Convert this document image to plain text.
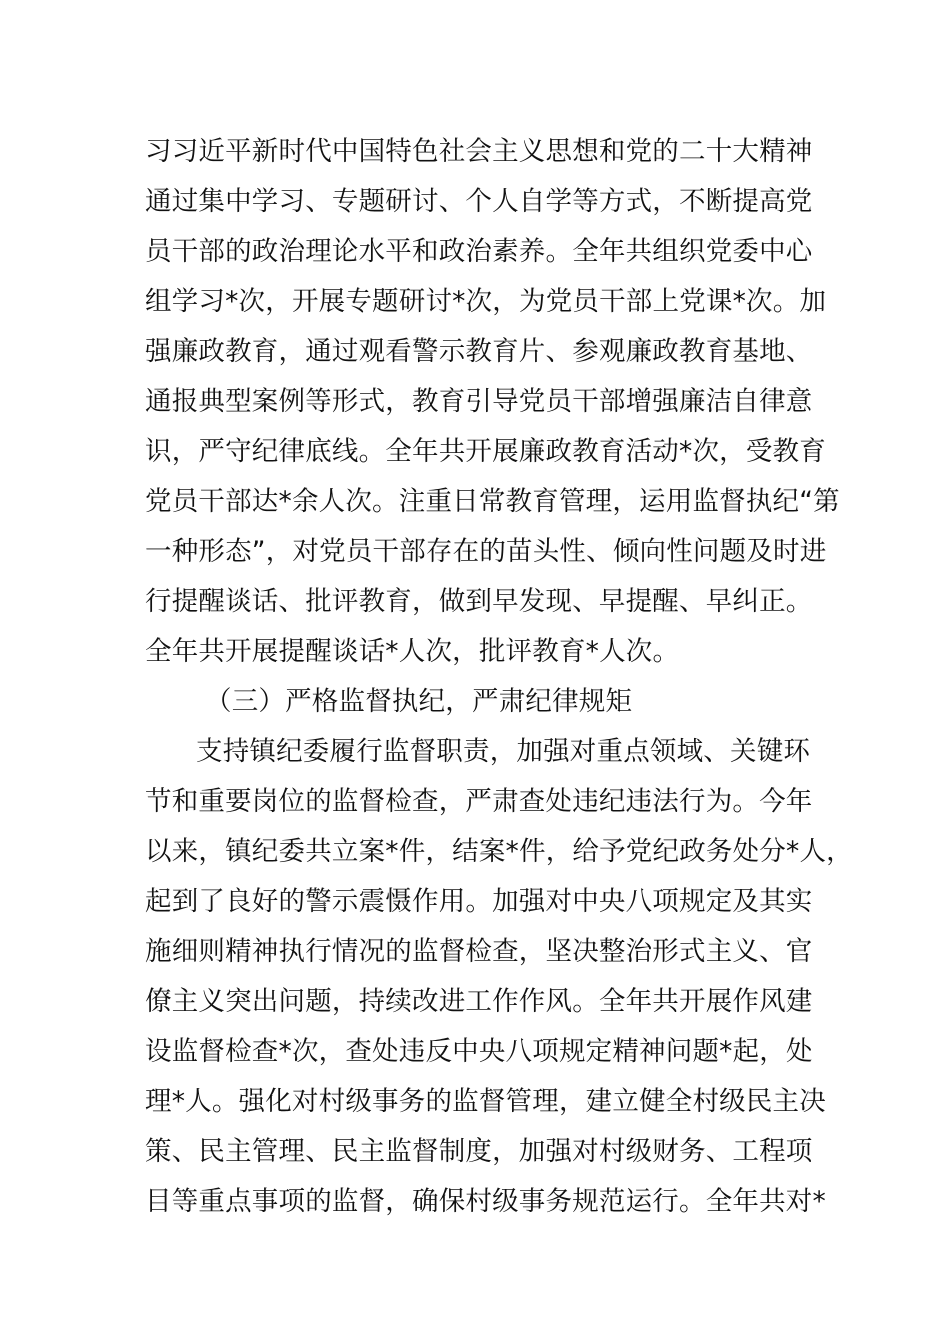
习习近平新时代中国特色社会主义思想和党的二十大精神
通过集中学习、专题研讨、个人自学等方式，不断提高党
员干部的政治理论水平和政治素养。全年共组织党委中心
组学习*次，开展专题研讨*次，为党员干部上党课*次。加
强廉政教育，通过观看警示教育片、参观廉政教育基地、
通报典型案例等形式，教育引导党员干部增强廉洁自律意
识，严守纪律底线。全年共开展廉政教育活动*次，受教育
党员干部达*余人次。注重日常教育管理，运用监督执纪“第
一种形态”，对党员干部存在的苗头性、倾向性问题及时进
行提醒谈话、批评教育，做到早发现、早提醒、早纠正。
全年共开展提醒谈话*人次，批评教育*人次。
（三）严格监督执纪，严肃纪律规矩
支持镇纪委履行监督职责，加强对重点领域、关键环
节和重要岗位的监督检查，严肃查处违纪违法行为。今年
以来，镇纪委共立案*件，结案*件，给予党纪政务处分*人，
起到了良好的警示震慑作用。加强对中央八项规定及其实
施细则精神执行情况的监督检查，坚决整治形式主义、官
僚主义突出问题，持续改进工作作风。全年共开展作风建
设监督检查*次，查处违反中央八项规定精神问题*起，处
理*人。强化对村级事务的监督管理，建立健全村级民主决
策、民主管理、民主监督制度，加强对村级财务、工程项
目等重点事项的监督，确保村级事务规范运行。全年共对*
